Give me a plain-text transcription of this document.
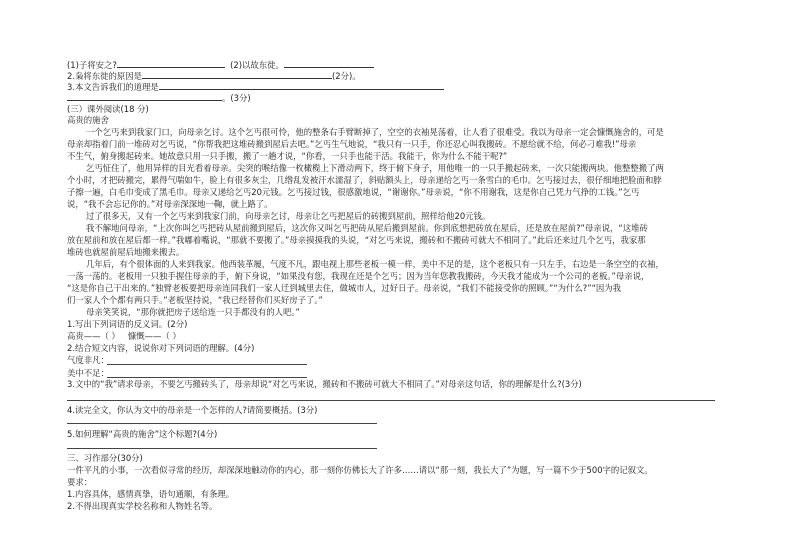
(1)子将安之?	(2)以故东徙。
2.枭将东徙的原因是	(2分)。
3.本文告诉我们的道理是
。(3分)
(三）课外阅读(18 分)
高贵的施舍
一个乞丐来到我家门口，向母亲乞讨。这个乞丐很可怜，他的整条右手臂断掉了，空空的衣袖晃荡着，让人看了很难受。我以为母亲一定会慷慨施舍的，可是
母亲却指着门前一堆砖对乞丐说，“你帮我把这堆砖搬到屋后去吧。”乞丐生气地说，“我只有一只手，你还忍心叫我搬砖。不愿给就不给，何必刁难我!”母亲
不生气，俯身搬起砖来。她故意只用一只手搬，搬了一趟才说，“你看，一只手也能干活。我能干，你为什么不能干呢?”
乞丐怔住了，他用异样的目光看着母亲。尖突的喉结像一枚橄榄上下滑动两下，终于俯下身子，用他唯一的一只手搬起砖来，一次只能搬两块。他整整搬了两
个小时，才把砖搬完，累得气喘如牛，脸上有很多灰尘，几绺乱发被汗水濡湿了，斜贴额头上，母亲递给乞丐一条雪白的毛巾。乞丐接过去，很仔细地把脸面和脖
子擦一遍，白毛巾变成了黑毛巾。母亲又递给乞丐20元钱。乞丐接过钱，很感激地说，“谢谢你。”母亲说，“你不用谢我，这是你自己凭力气挣的工钱。”乞丐
说，“我不会忘记你的。”对母亲深深地一鞠，就上路了。
过了很多天，又有一个乞丐来到我家门前，向母亲乞讨，母亲让乞丐把屋后的砖搬到屋前，照样给他20元钱。
我不解地问母亲，“上次你叫乞丐把砖从屋前搬到屋后，这次你又叫乞丐把砖从屋后搬到屋前。你到底想把砖放在屋后，还是放在屋前?”母亲说，“这堆砖
放在屋前和放在屋后都一样。”我嘟着嘴说，“那就不要搬了。”母亲摸摸我的头说，“对乞丐来说，搬砖和不搬砖可就大不相同了。”此后还来过几个乞丐，我家那
堆砖也就屋前屋后地搬来搬去。
几年后，有个很体面的人来到我家。他西装革履，气度不凡，跟电视上那些老板一模一样，美中不足的是，这个老板只有一只左手，右边是一条空空的衣袖，
一荡一荡的。老板用一只独手握住母亲的手，俯下身说，“如果没有您，我现在还是个乞丐；因为当年您教我搬砖，今天我才能成为一个公司的老板。”母亲说，
“这是你自己干出来的。”独臂老板要把母亲连同我们一家人迁到城里去住，做城市人，过好日子。母亲说，“我们不能接受你的照顾。”“为什么?”“因为我
们一家人个个都有两只手。”老板坚持说，“我已经替你们买好房子了。”
母亲笑笑说，“那你就把房子送给连一只手都没有的人吧。”
1.写出下列词语的反义词。(2分)
高贵——（ ） 慷慨——（ ）
2.结合短文内容，说说你对下列词语的理解。(4分)
气度非凡：
美中不足：
3.文中的“我”请求母亲，不要乞丐搬砖头了，母亲却说“对乞丐来说，搬砖和不搬砖可就大不相同了。”对母亲这句话，你的理解是什么?(3分)
4.读完全文，你认为文中的母亲是一个怎样的人?请简要概括。(3分)
5.如何理解“高贵的施舍”这个标题?(4分)
三、习作部分(30分)
一件平凡的小事，一次看似寻常的经历，却深深地触动你的内心，那一刻你仿佛长大了许多……请以“那一刻，我长大了”为题，写一篇不少于500字的记叙文。
要求：
1.内容具体，感情真挚，语句通顺，有条理。
2.不得出现真实学校名称和人物姓名等。
